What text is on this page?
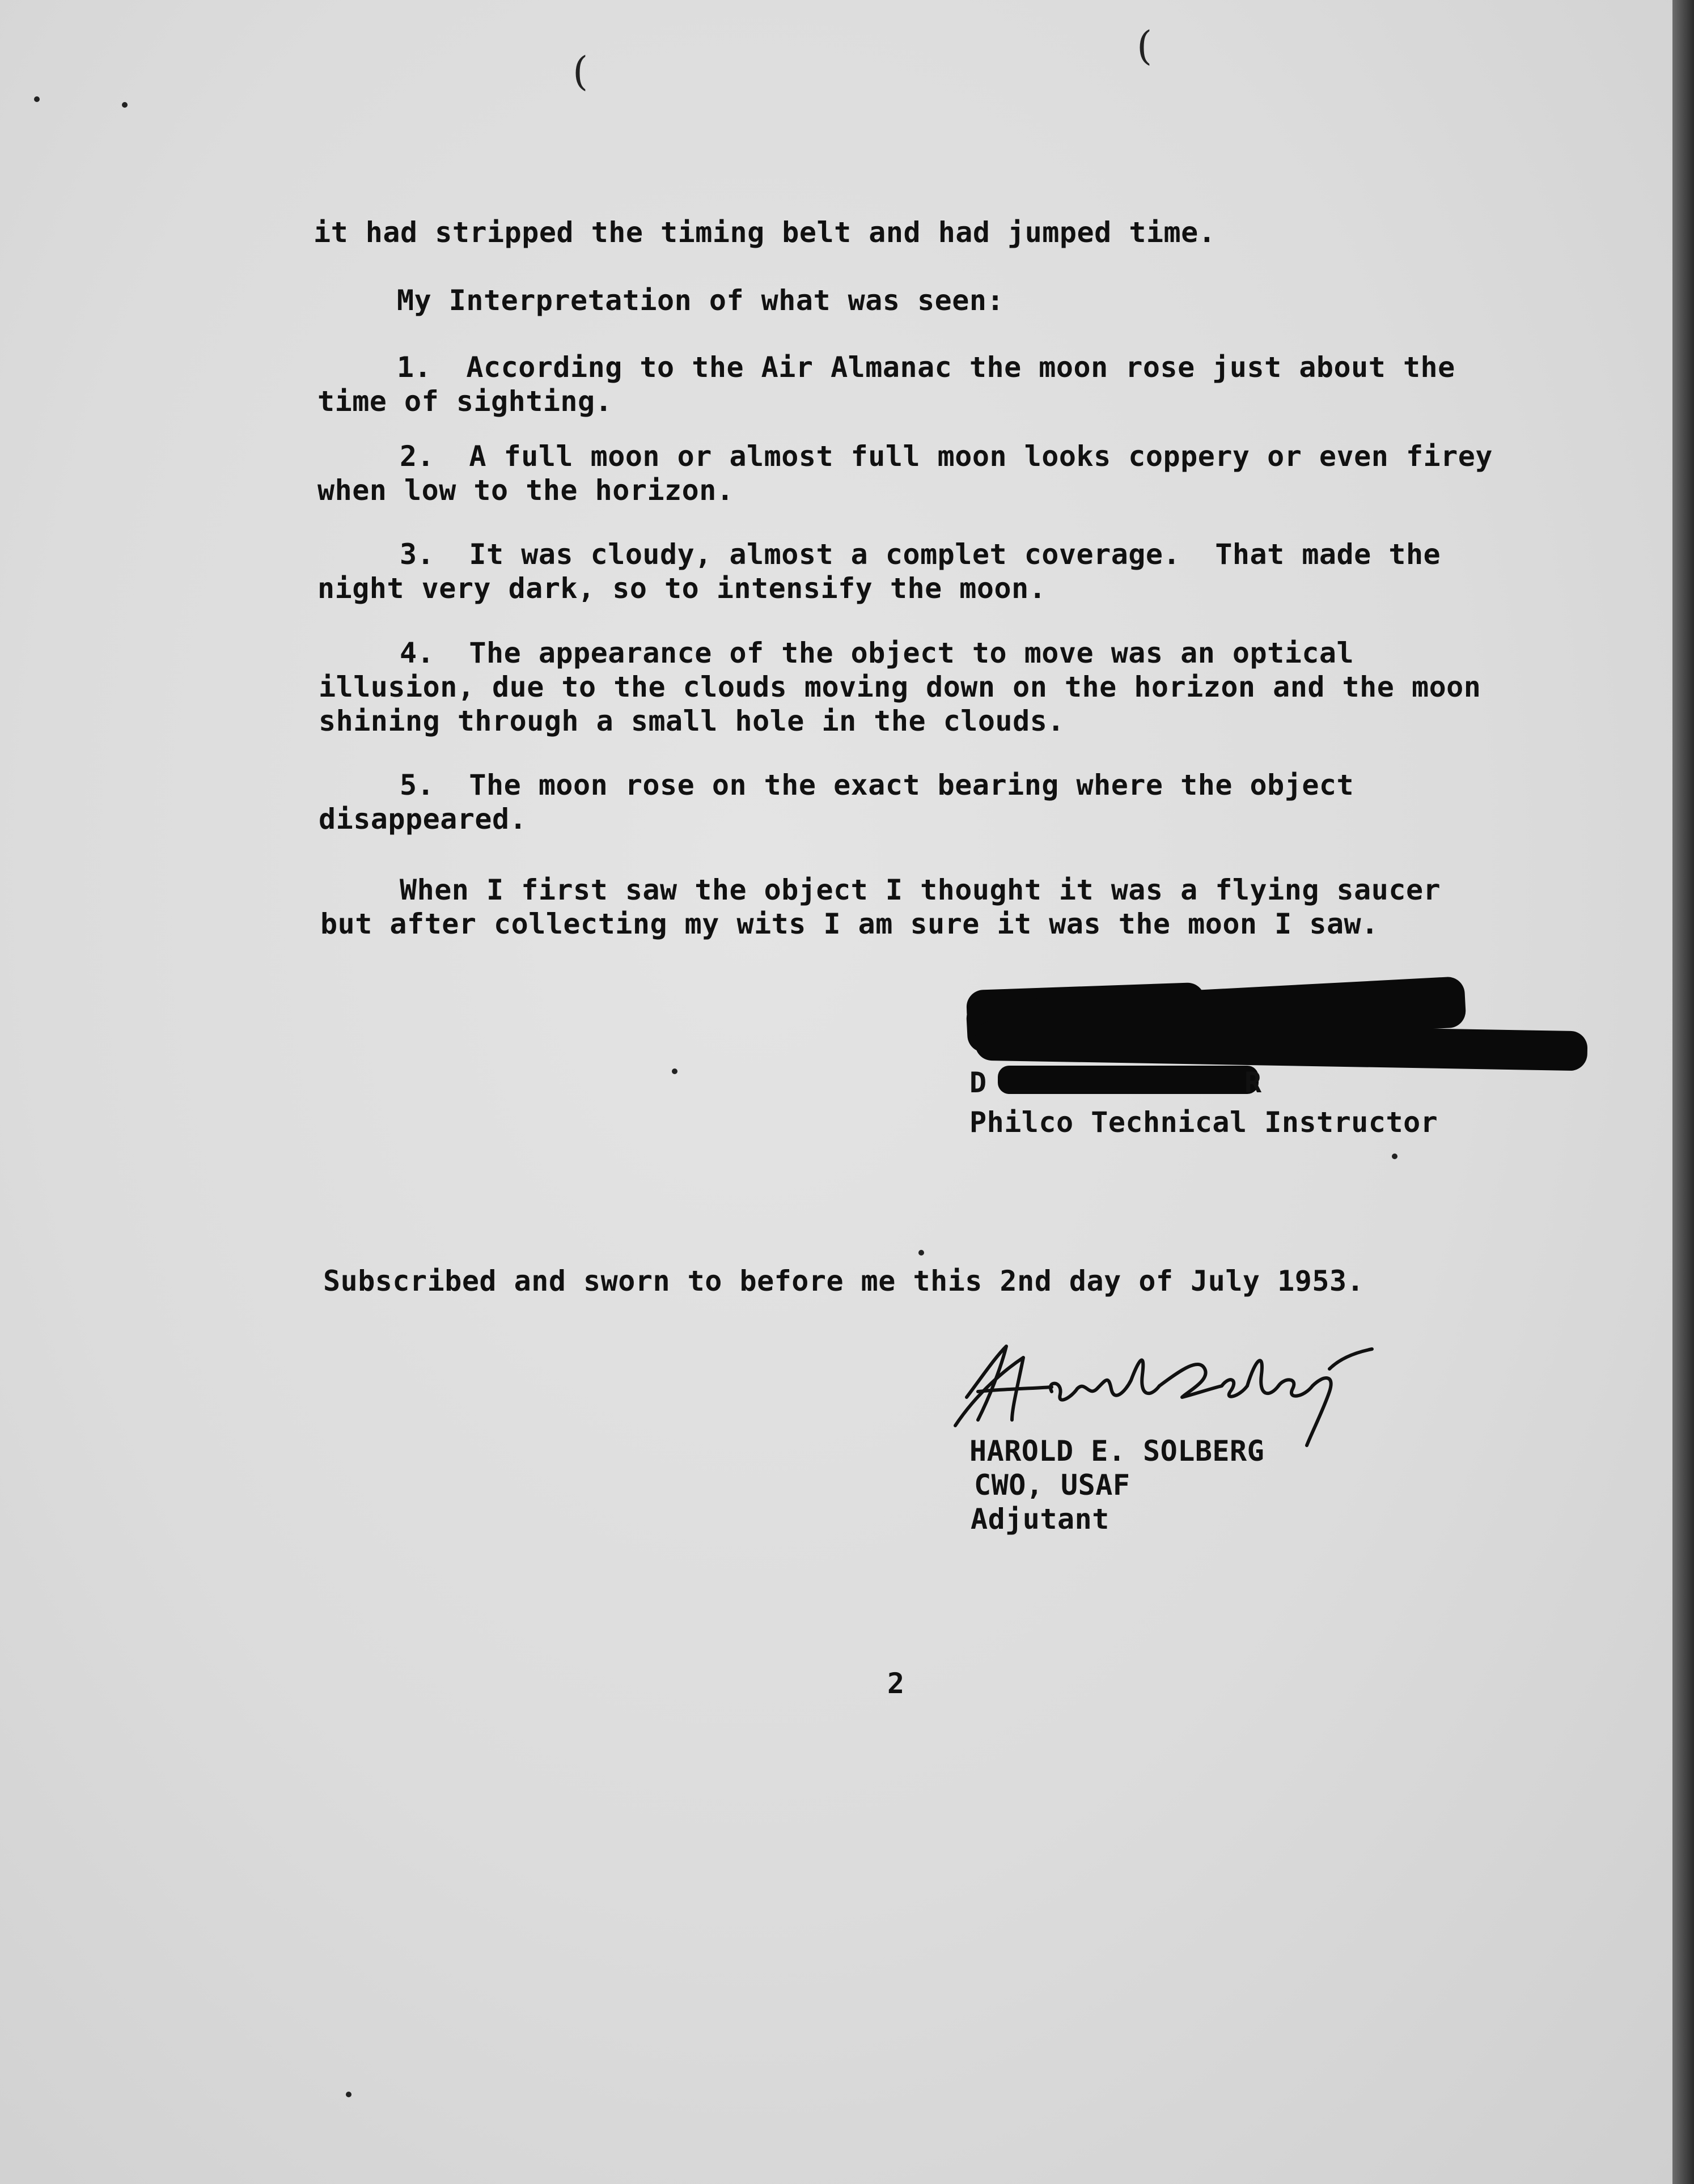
(
(

it had stripped the timing belt and had jumped time.

My Interpretation of what was seen:

1.  According to the Air Almanac the moon rose just about the

time of sighting.

2.  A full moon or almost full moon looks coppery or even firey

when low to the horizon.

3.  It was cloudy, almost a complet coverage.  That made the

night very dark, so to intensify the moon.

4.  The appearance of the object to move was an optical

illusion, due to the clouds moving down on the horizon and the moon

shining through a small hole in the clouds.

5.  The moon rose on the exact bearing where the object

disappeared.

When I first saw the object I thought it was a flying saucer

but after collecting my wits I am sure it was the moon I saw.

D	R

Philco Technical Instructor

Subscribed and sworn to before me this 2nd day of July 1953.

HAROLD E. SOLBERG

CWO, USAF

Adjutant

2
